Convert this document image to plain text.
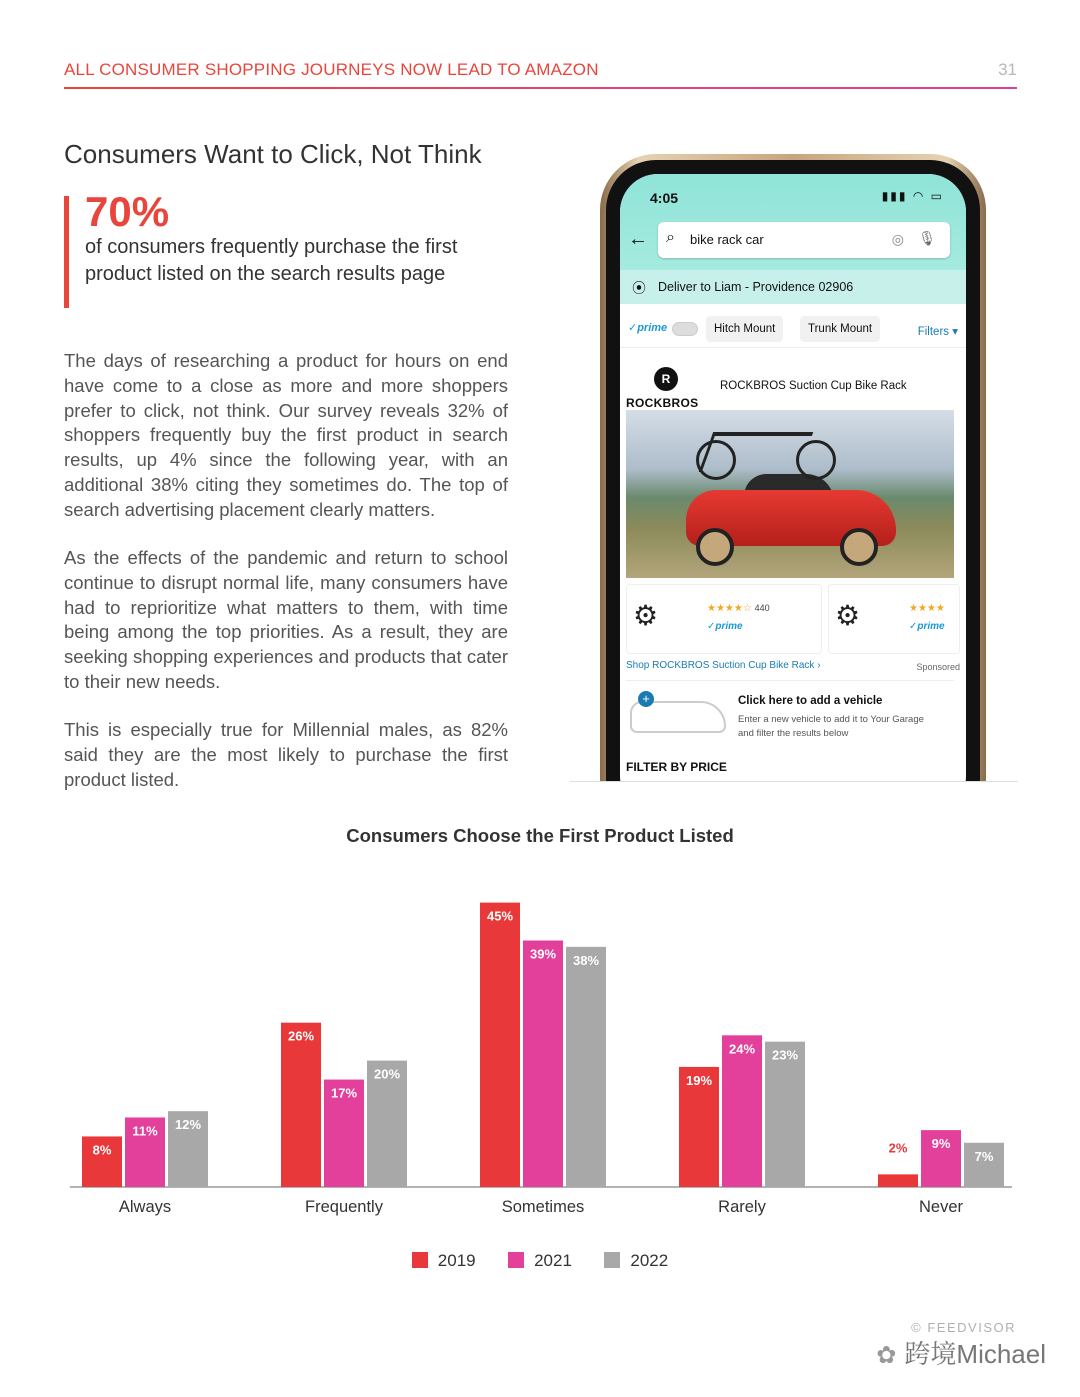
ALL CONSUMER SHOPPING JOURNEYS NOW LEAD TO AMAZON	31
Consumers Want to Click, Not Think
70%
of consumers frequently purchase the first product listed on the search results page
The days of researching a product for hours on end have come to a close as more and more shoppers prefer to click, not think. Our survey reveals 32% of shoppers frequently buy the first product in search results, up 4% since the following year, with an additional 38% citing they sometimes do. The top of search advertising placement clearly matters.
As the effects of the pandemic and return to school continue to disrupt normal life, many consumers have had to reprioritize what matters to them, with time being among the top priorities. As a result, they are seeking shopping experiences and products that cater to their new needs.
This is especially true for Millennial males, as 82% said they are the most likely to purchase the first product listed.
4:05	▮▮▮ ◠ ▭
← ⌕ bike rack car	◎ 🎙
⦿ Deliver to Liam - Providence 02906
✓prime	Hitch Mount	Trunk Mount	Filters ▾
R
ROCKBROS
ROCKBROS Suction Cup Bike Rack
⚙	★★★★☆ 440
✓prime	⚙	★★★★
✓prime
Shop ROCKBROS Suction Cup Bike Rack ›	Sponsored
+	Click here to add a vehicle
Enter a new vehicle to add it to Your Garage and filter the results below
FILTER BY PRICE
Consumers Choose the First Product Listed
8%
11% 12%
Always
26%
17%
20%
Frequently
45%
39% 38%
Sometimes
19%
24% 23%
Rarely
2% 9%
7%
Never
2019	2021	2022
© FEEDVISOR
✿ 跨境Michael
